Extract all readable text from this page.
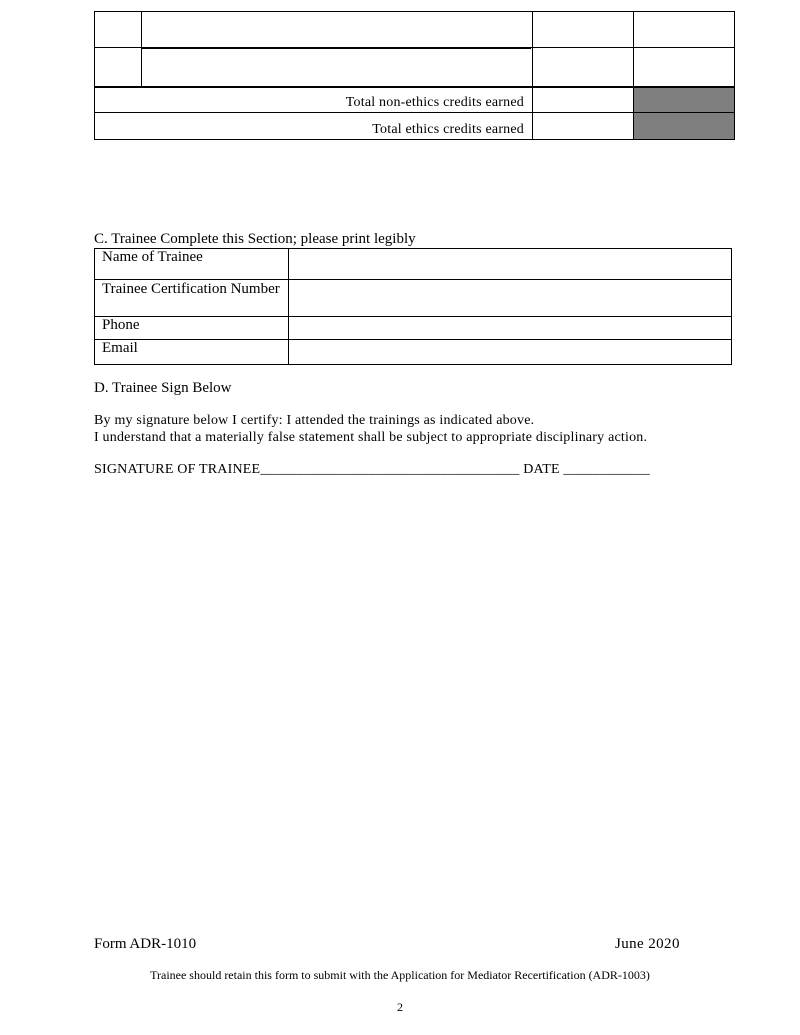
Total non-ethics credits earned
Total ethics credits earned
C. Trainee Complete this Section; please print legibly
Name of Trainee	
Trainee Certification Number	
Phone	
Email	
D. Trainee Sign Below
By my signature below I certify: I attended the trainings as indicated above.
I understand that a materially false statement shall be subject to appropriate disciplinary action.
SIGNATURE OF TRAINEE____________________________________ DATE ____________
Form ADR-1010	June 2020
Trainee should retain this form to submit with the Application for Mediator Recertification (ADR-1003)
2
